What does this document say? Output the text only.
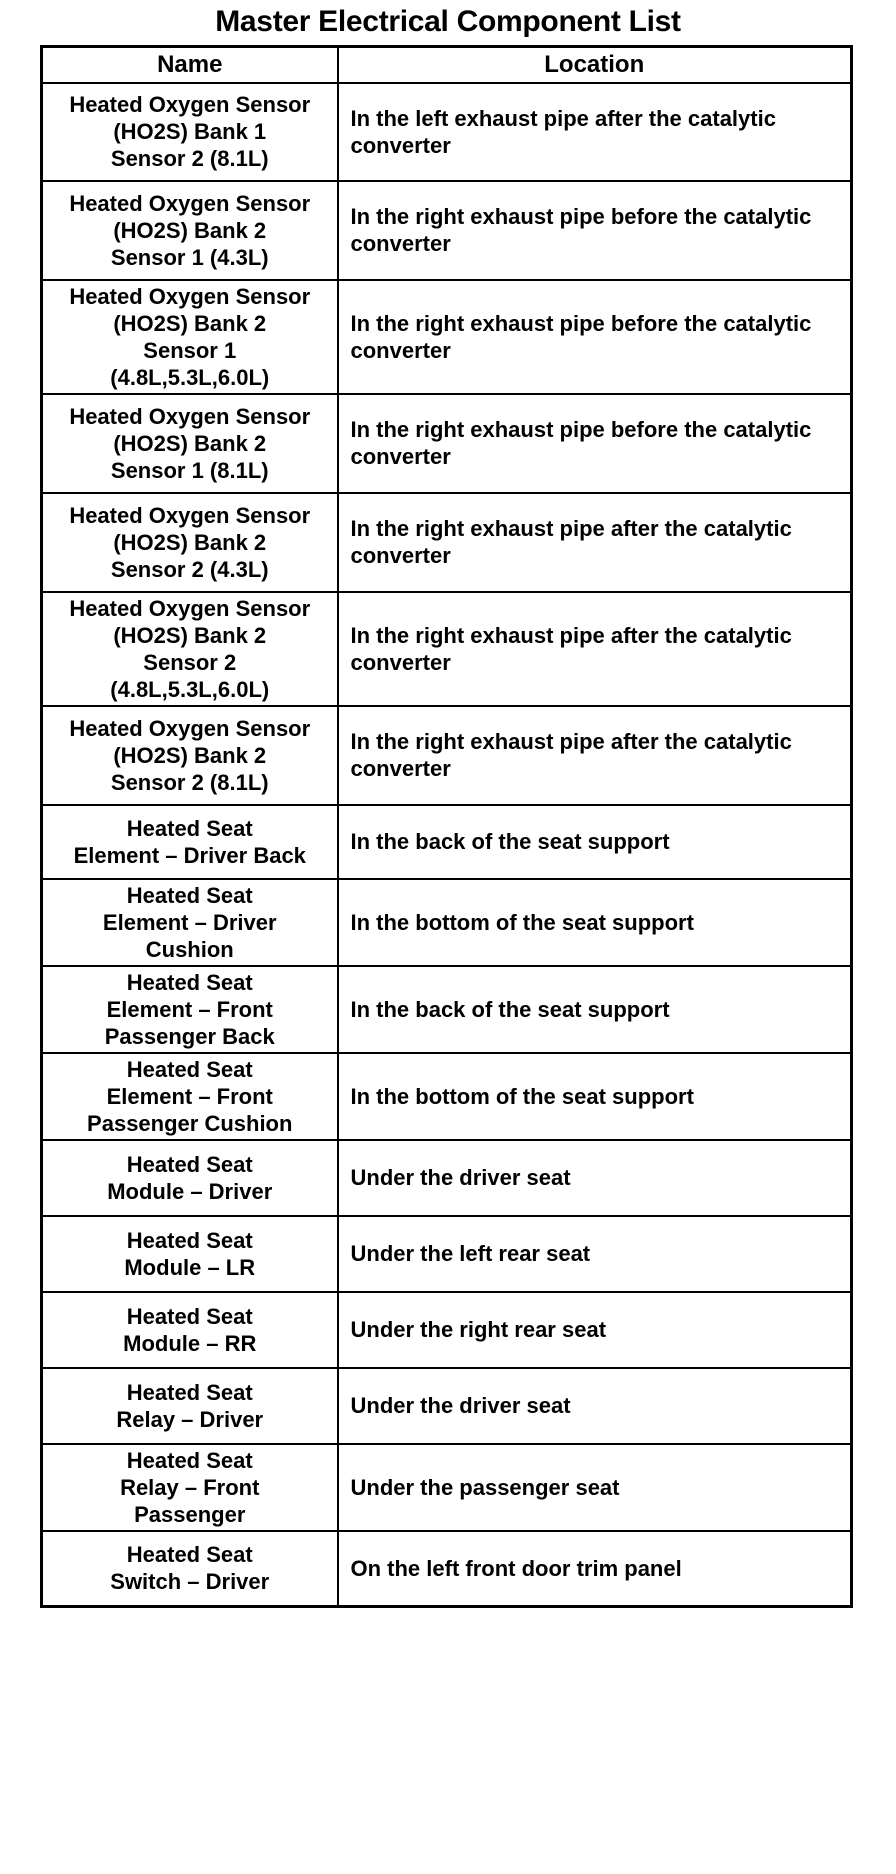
Master Electrical Component List
Name	Location

Heated Oxygen Sensor
(HO2S) Bank 1
Sensor 2 (8.1L)	In the left exhaust pipe after the catalytic converter

Heated Oxygen Sensor
(HO2S) Bank 2
Sensor 1 (4.3L)	In the right exhaust pipe before the catalytic converter

Heated Oxygen Sensor
(HO2S) Bank 2
Sensor 1
(4.8L,5.3L,6.0L)	In the right exhaust pipe before the catalytic converter

Heated Oxygen Sensor
(HO2S) Bank 2
Sensor 1 (8.1L)	In the right exhaust pipe before the catalytic converter

Heated Oxygen Sensor
(HO2S) Bank 2
Sensor 2 (4.3L)	In the right exhaust pipe after the catalytic converter

Heated Oxygen Sensor
(HO2S) Bank 2
Sensor 2
(4.8L,5.3L,6.0L)	In the right exhaust pipe after the catalytic converter

Heated Oxygen Sensor
(HO2S) Bank 2
Sensor 2 (8.1L)	In the right exhaust pipe after the catalytic converter

Heated Seat
Element – Driver Back	In the back of the seat support

Heated Seat
Element – Driver
Cushion	In the bottom of the seat support

Heated Seat
Element – Front
Passenger Back	In the back of the seat support

Heated Seat
Element – Front
Passenger Cushion	In the bottom of the seat support

Heated Seat
Module – Driver	Under the driver seat

Heated Seat
Module – LR	Under the left rear seat

Heated Seat
Module – RR	Under the right rear seat

Heated Seat
Relay – Driver	Under the driver seat

Heated Seat
Relay – Front
Passenger	Under the passenger seat

Heated Seat
Switch – Driver	On the left front door trim panel
